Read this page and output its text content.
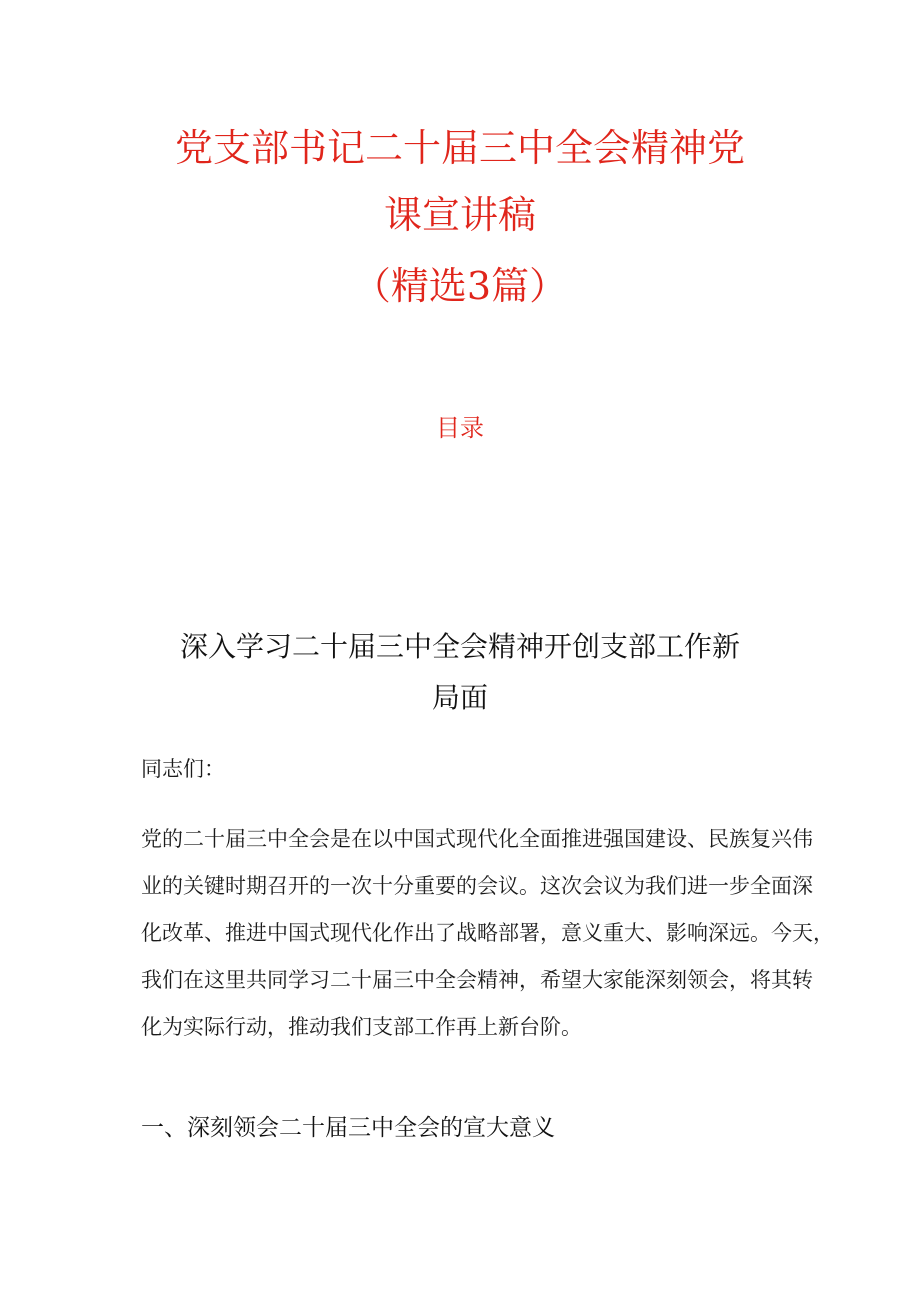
党支部书记二十届三中全会精神党
课宣讲稿
（精选3篇）
目录
深入学习二十届三中全会精神开创支部工作新
局面
同志们：
党的二十届三中全会是在以中国式现代化全面推进强国建设、民族复兴伟
业的关键时期召开的一次十分重要的会议。这次会议为我们进一步全面深
化改革、推进中国式现代化作出了战略部署，意义重大、影响深远。今天，
我们在这里共同学习二十届三中全会精神，希望大家能深刻领会，将其转
化为实际行动，推动我们支部工作再上新台阶。
一、深刻领会二十届三中全会的宣大意义
